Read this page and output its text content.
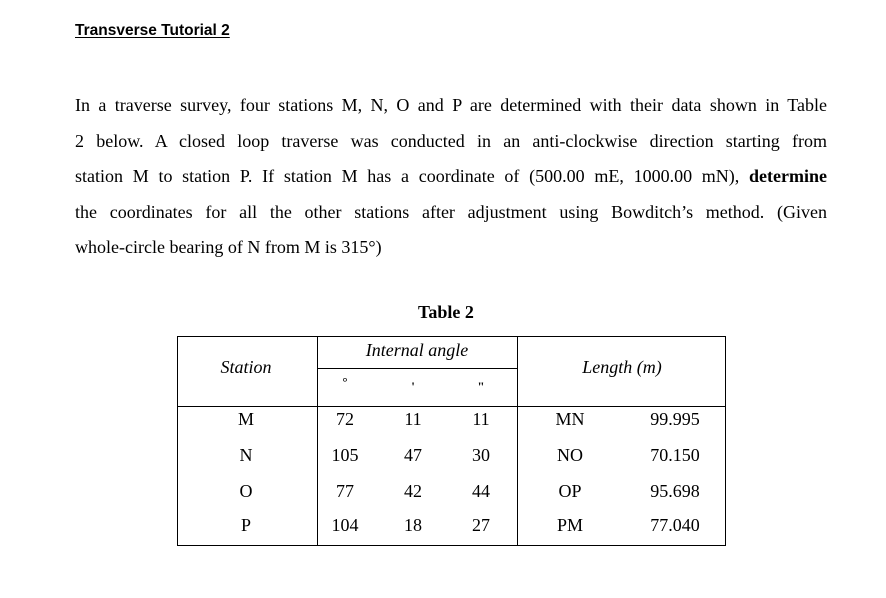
Transverse Tutorial 2
In a traverse survey, four stations M, N, O and P are determined with their data shown in Table
2 below. A closed loop traverse was conducted in an anti-clockwise direction starting from
station M to station P. If station M has a coordinate of (500.00 mE, 1000.00 mN), determine
the coordinates for all the other stations after adjustment using Bowditch’s method. (Given
whole-circle bearing of N from M is 315°)
Table 2
Station
Internal angle
°	'	"
Length (m)
M	72	11	11	MN	99.995
N	105	47	30	NO	70.150
O	77	42	44	OP	95.698
P	104	18	27	PM	77.040
